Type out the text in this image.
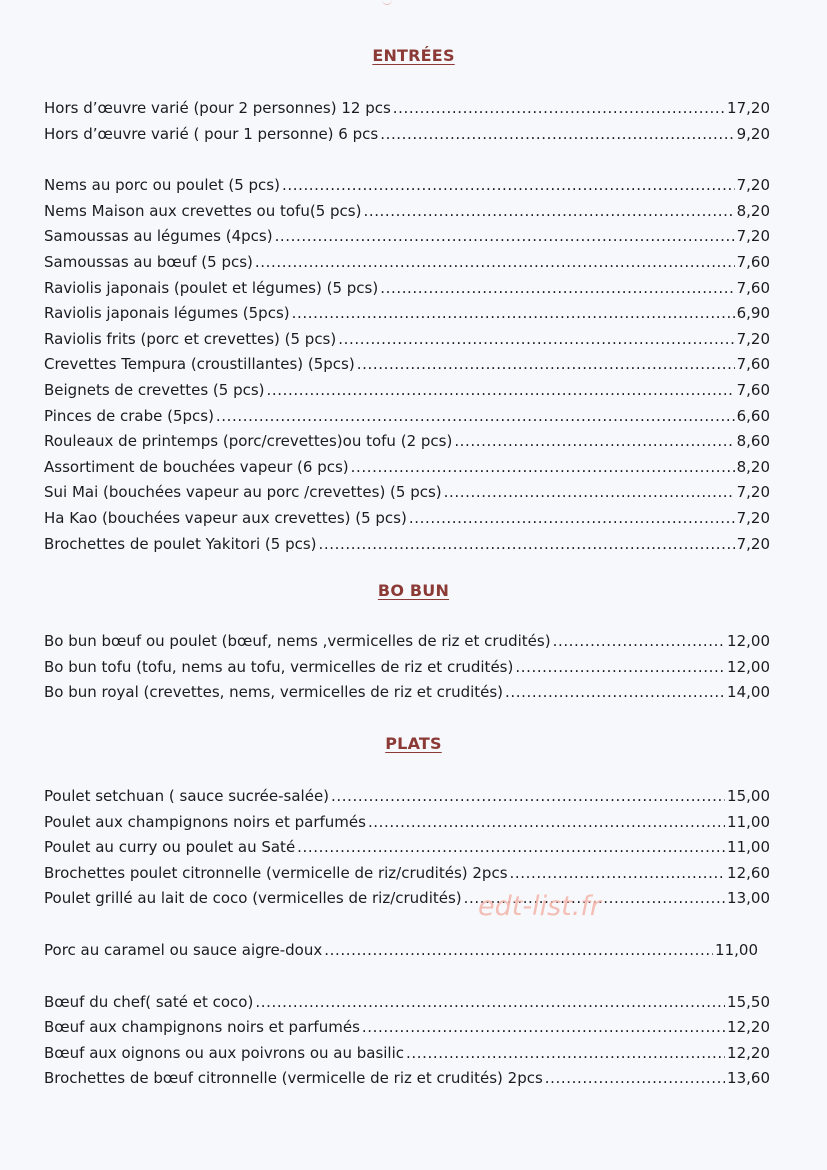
ENTRÉES
Hors d’œuvre varié (pour 2 personnes) 12 pcs .....	17,20
Hors d’œuvre varié ( pour 1 personne) 6 pcs .....	9,20
Nems au porc ou poulet (5 pcs) .....	7,20
Nems Maison aux crevettes ou tofu(5 pcs) .....	8,20
Samoussas au légumes (4pcs) .....	7,20
Samoussas au bœuf (5 pcs) .....	7,60
Raviolis japonais (poulet et légumes) (5 pcs) .....	7,60
Raviolis japonais légumes (5pcs) .....	6,90
Raviolis frits (porc et crevettes) (5 pcs) .....	7,20
Crevettes Tempura (croustillantes) (5pcs) .....	7,60
Beignets de crevettes (5 pcs) .....	7,60
Pinces de crabe (5pcs) .....	6,60
Rouleaux de printemps (porc/crevettes)ou tofu (2 pcs) .....	8,60
Assortiment de bouchées vapeur (6 pcs) .....	8,20
Sui Mai (bouchées vapeur au porc /crevettes) (5 pcs) .....	7,20
Ha Kao (bouchées vapeur aux crevettes) (5 pcs) .....	7,20
Brochettes de poulet Yakitori (5 pcs) .....	7,20
BO BUN
Bo bun bœuf ou poulet (bœuf, nems ,vermicelles de riz et crudités) .....	12,00
Bo bun tofu (tofu, nems au tofu, vermicelles de riz et crudités) .....	12,00
Bo bun royal (crevettes, nems, vermicelles de riz et crudités) .....	14,00
PLATS
Poulet setchuan ( sauce sucrée-salée) .....	15,00
Poulet aux champignons noirs et parfumés .....	11,00
Poulet au curry ou poulet au Saté .....	11,00
Brochettes poulet citronnelle (vermicelle de riz/crudités) 2pcs .....	12,60
Poulet grillé au lait de coco (vermicelles de riz/crudités) .....	13,00
Porc au caramel ou sauce aigre-doux .....	11,00
Bœuf du chef( saté et coco) .....	15,50
Bœuf aux champignons noirs et parfumés .....	12,20
Bœuf aux oignons ou aux poivrons ou au basilic .....	12,20
Brochettes de bœuf citronnelle (vermicelle de riz et crudités) 2pcs .....	13,60
edt-list.fr
